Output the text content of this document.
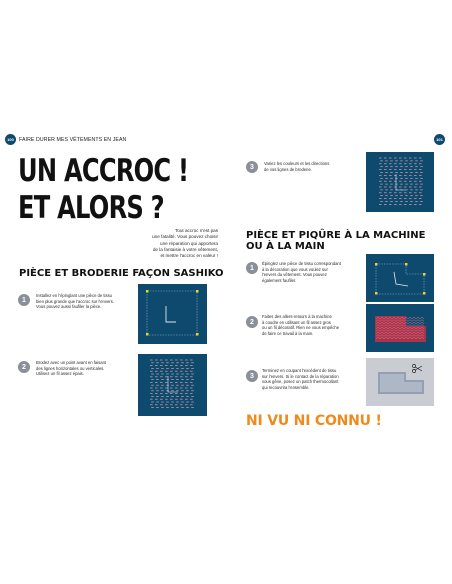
100 FAIRE DURER MES VÊTEMENTS EN JEAN	101
UN ACCROC !
ET ALORS ?
Tout accroc n'est pas
une fatalité. Vous pouvez choisir
une réparation qui apportera
de la fantaisie à votre vêtement,
et mettre l'accroc en valeur !
PIÈCE ET BRODERIE FAÇON SASHIKO
1
Installez en l'épinglant une pièce de tissu
bien plus grande que l'accroc sur l'envers.
Vous pouvez aussi faufiler la pièce.
2
Brodez avec un point avant en faisant
des lignes horizontales ou verticales.
Utilisez un fil assez épais.
3	Variez les couleurs et les directions
de vos lignes de broderie.
PIÈCE ET PIQÛRE À LA MACHINE
OU À LA MAIN
1
Épinglez une pièce de tissu correspondant
à la décoration que vous voulez sur
l'envers du vêtement. Vous pouvez
également faufiler.
2
Faites des allers-retours à la machine
à coudre en utilisant un fil assez gros
ou un fil décoratif. Rien ne vous empêche
de faire ce travail à la main.
3
Terminez en coupant l'excédent de tissu
sur l'envers. Si le contact de la réparation
vous gêne, posez un patch thermocollant
qui recouvrira l'ensemble.
NI VU NI CONNU !
